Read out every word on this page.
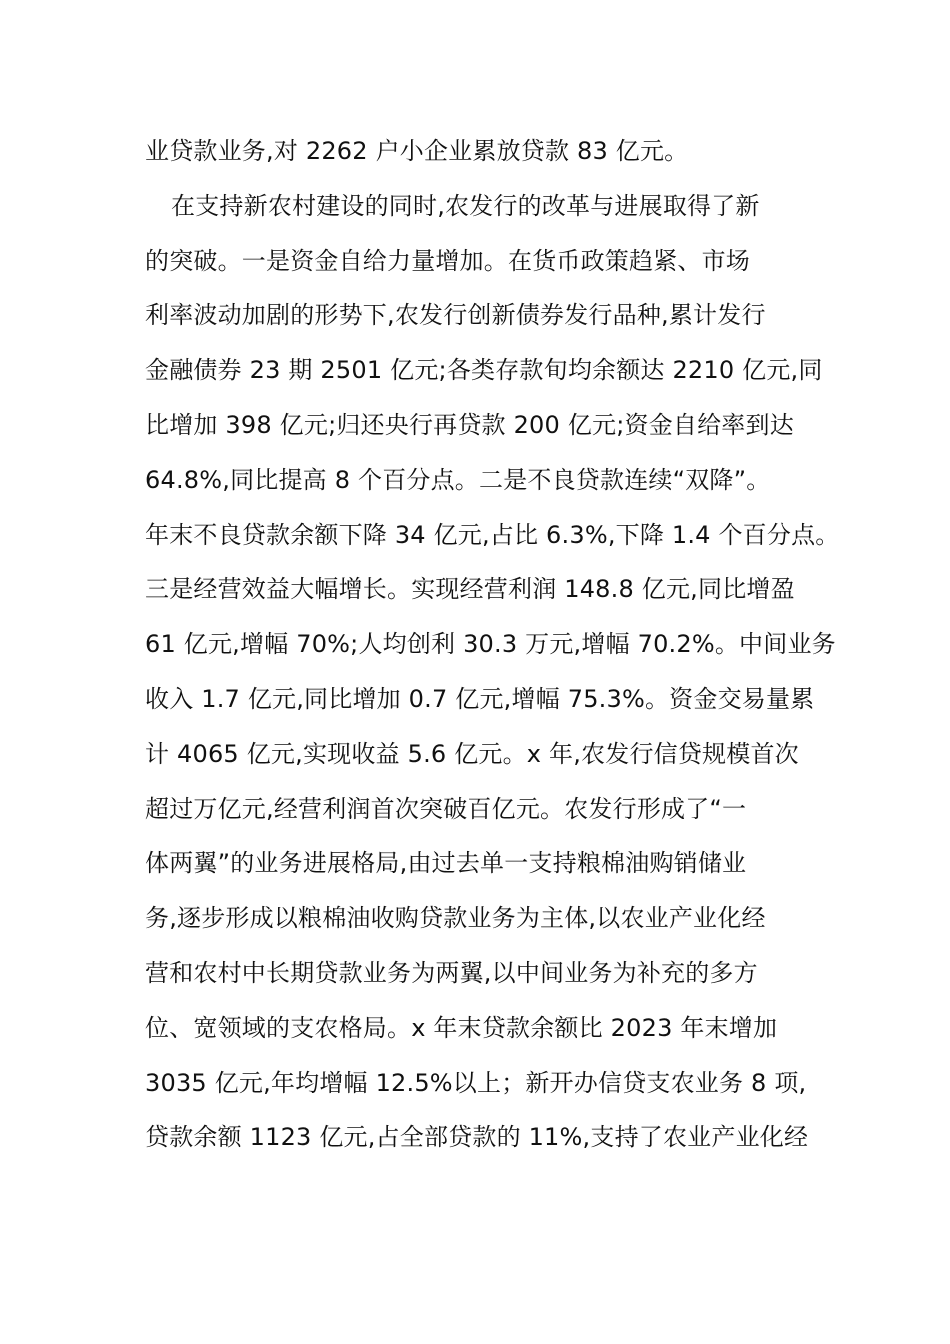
业贷款业务,对 2262 户小企业累放贷款 83 亿元。
在支持新农村建设的同时,农发行的改革与进展取得了新
的突破。一是资金自给力量增加。在货币政策趋紧、市场
利率波动加剧的形势下,农发行创新债券发行品种,累计发行
金融债券 23 期 2501 亿元;各类存款旬均余额达 2210 亿元,同
比增加 398 亿元;归还央行再贷款 200 亿元;资金自给率到达
64.8%,同比提高 8 个百分点。二是不良贷款连续“双降”。
年末不良贷款余额下降 34 亿元,占比 6.3%,下降 1.4 个百分点。
三是经营效益大幅增长。实现经营利润 148.8 亿元,同比增盈
61 亿元,增幅 70%;人均创利 30.3 万元,增幅 70.2%。中间业务
收入 1.7 亿元,同比增加 0.7 亿元,增幅 75.3%。资金交易量累
计 4065 亿元,实现收益 5.6 亿元。x 年,农发行信贷规模首次
超过万亿元,经营利润首次突破百亿元。农发行形成了“一
体两翼”的业务进展格局,由过去单一支持粮棉油购销储业
务,逐步形成以粮棉油收购贷款业务为主体,以农业产业化经
营和农村中长期贷款业务为两翼,以中间业务为补充的多方
位、宽领域的支农格局。x 年末贷款余额比 2023 年末增加
3035 亿元,年均增幅 12.5%以上；新开办信贷支农业务 8 项,
贷款余额 1123 亿元,占全部贷款的 11%,支持了农业产业化经
